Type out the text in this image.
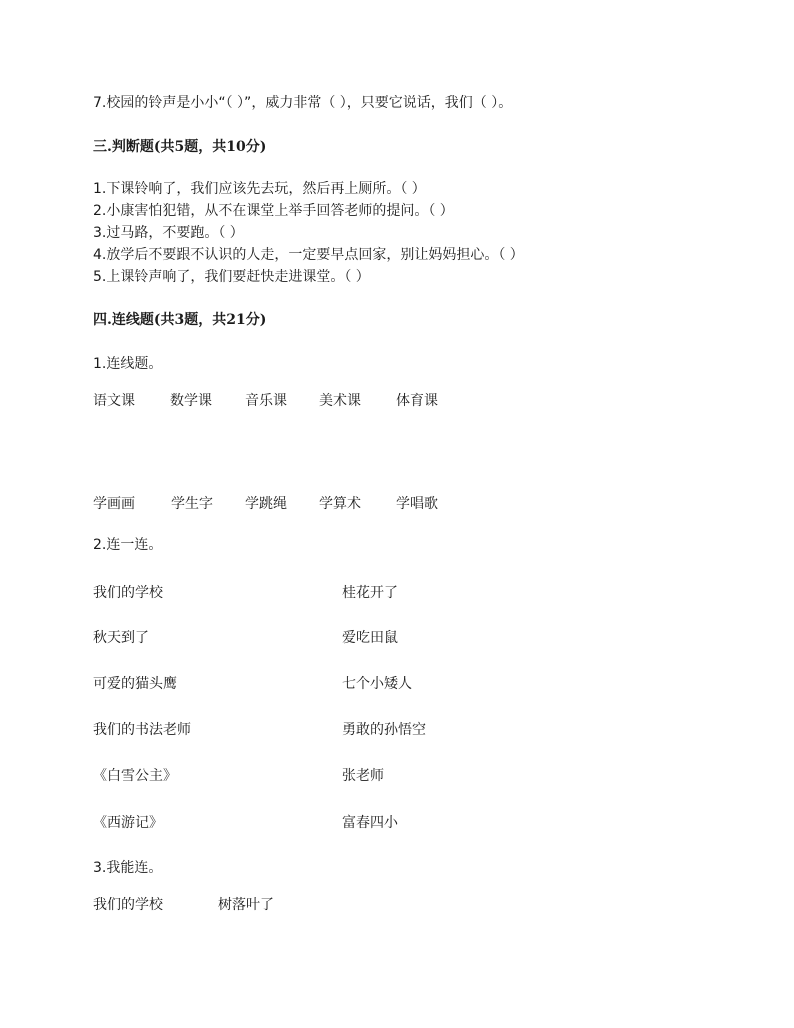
7.校园的铃声是小小“（ ）”，威力非常（ ），只要它说话，我们（ ）。
三.判断题(共5题，共10分)
1.下课铃响了，我们应该先去玩，然后再上厕所。（ ）
2.小康害怕犯错，从不在课堂上举手回答老师的提问。（ ）
3.过马路，不要跑。（ ）
4.放学后不要跟不认识的人走，一定要早点回家，别让妈妈担心。（ ）
5.上课铃声响了，我们要赶快走进课堂。（ ）
四.连线题(共3题，共21分)
1.连线题。
语文课	数学课 音乐课 美术课	体育课
学画画	学生字 学跳绳 学算术	学唱歌
2.连一连。
我们的学校	桂花开了
秋天到了	爱吃田鼠
可爱的猫头鹰	七个小矮人
我们的书法老师	勇敢的孙悟空
《白雪公主》	张老师
《西游记》	富春四小
3.我能连。
我们的学校	树落叶了
